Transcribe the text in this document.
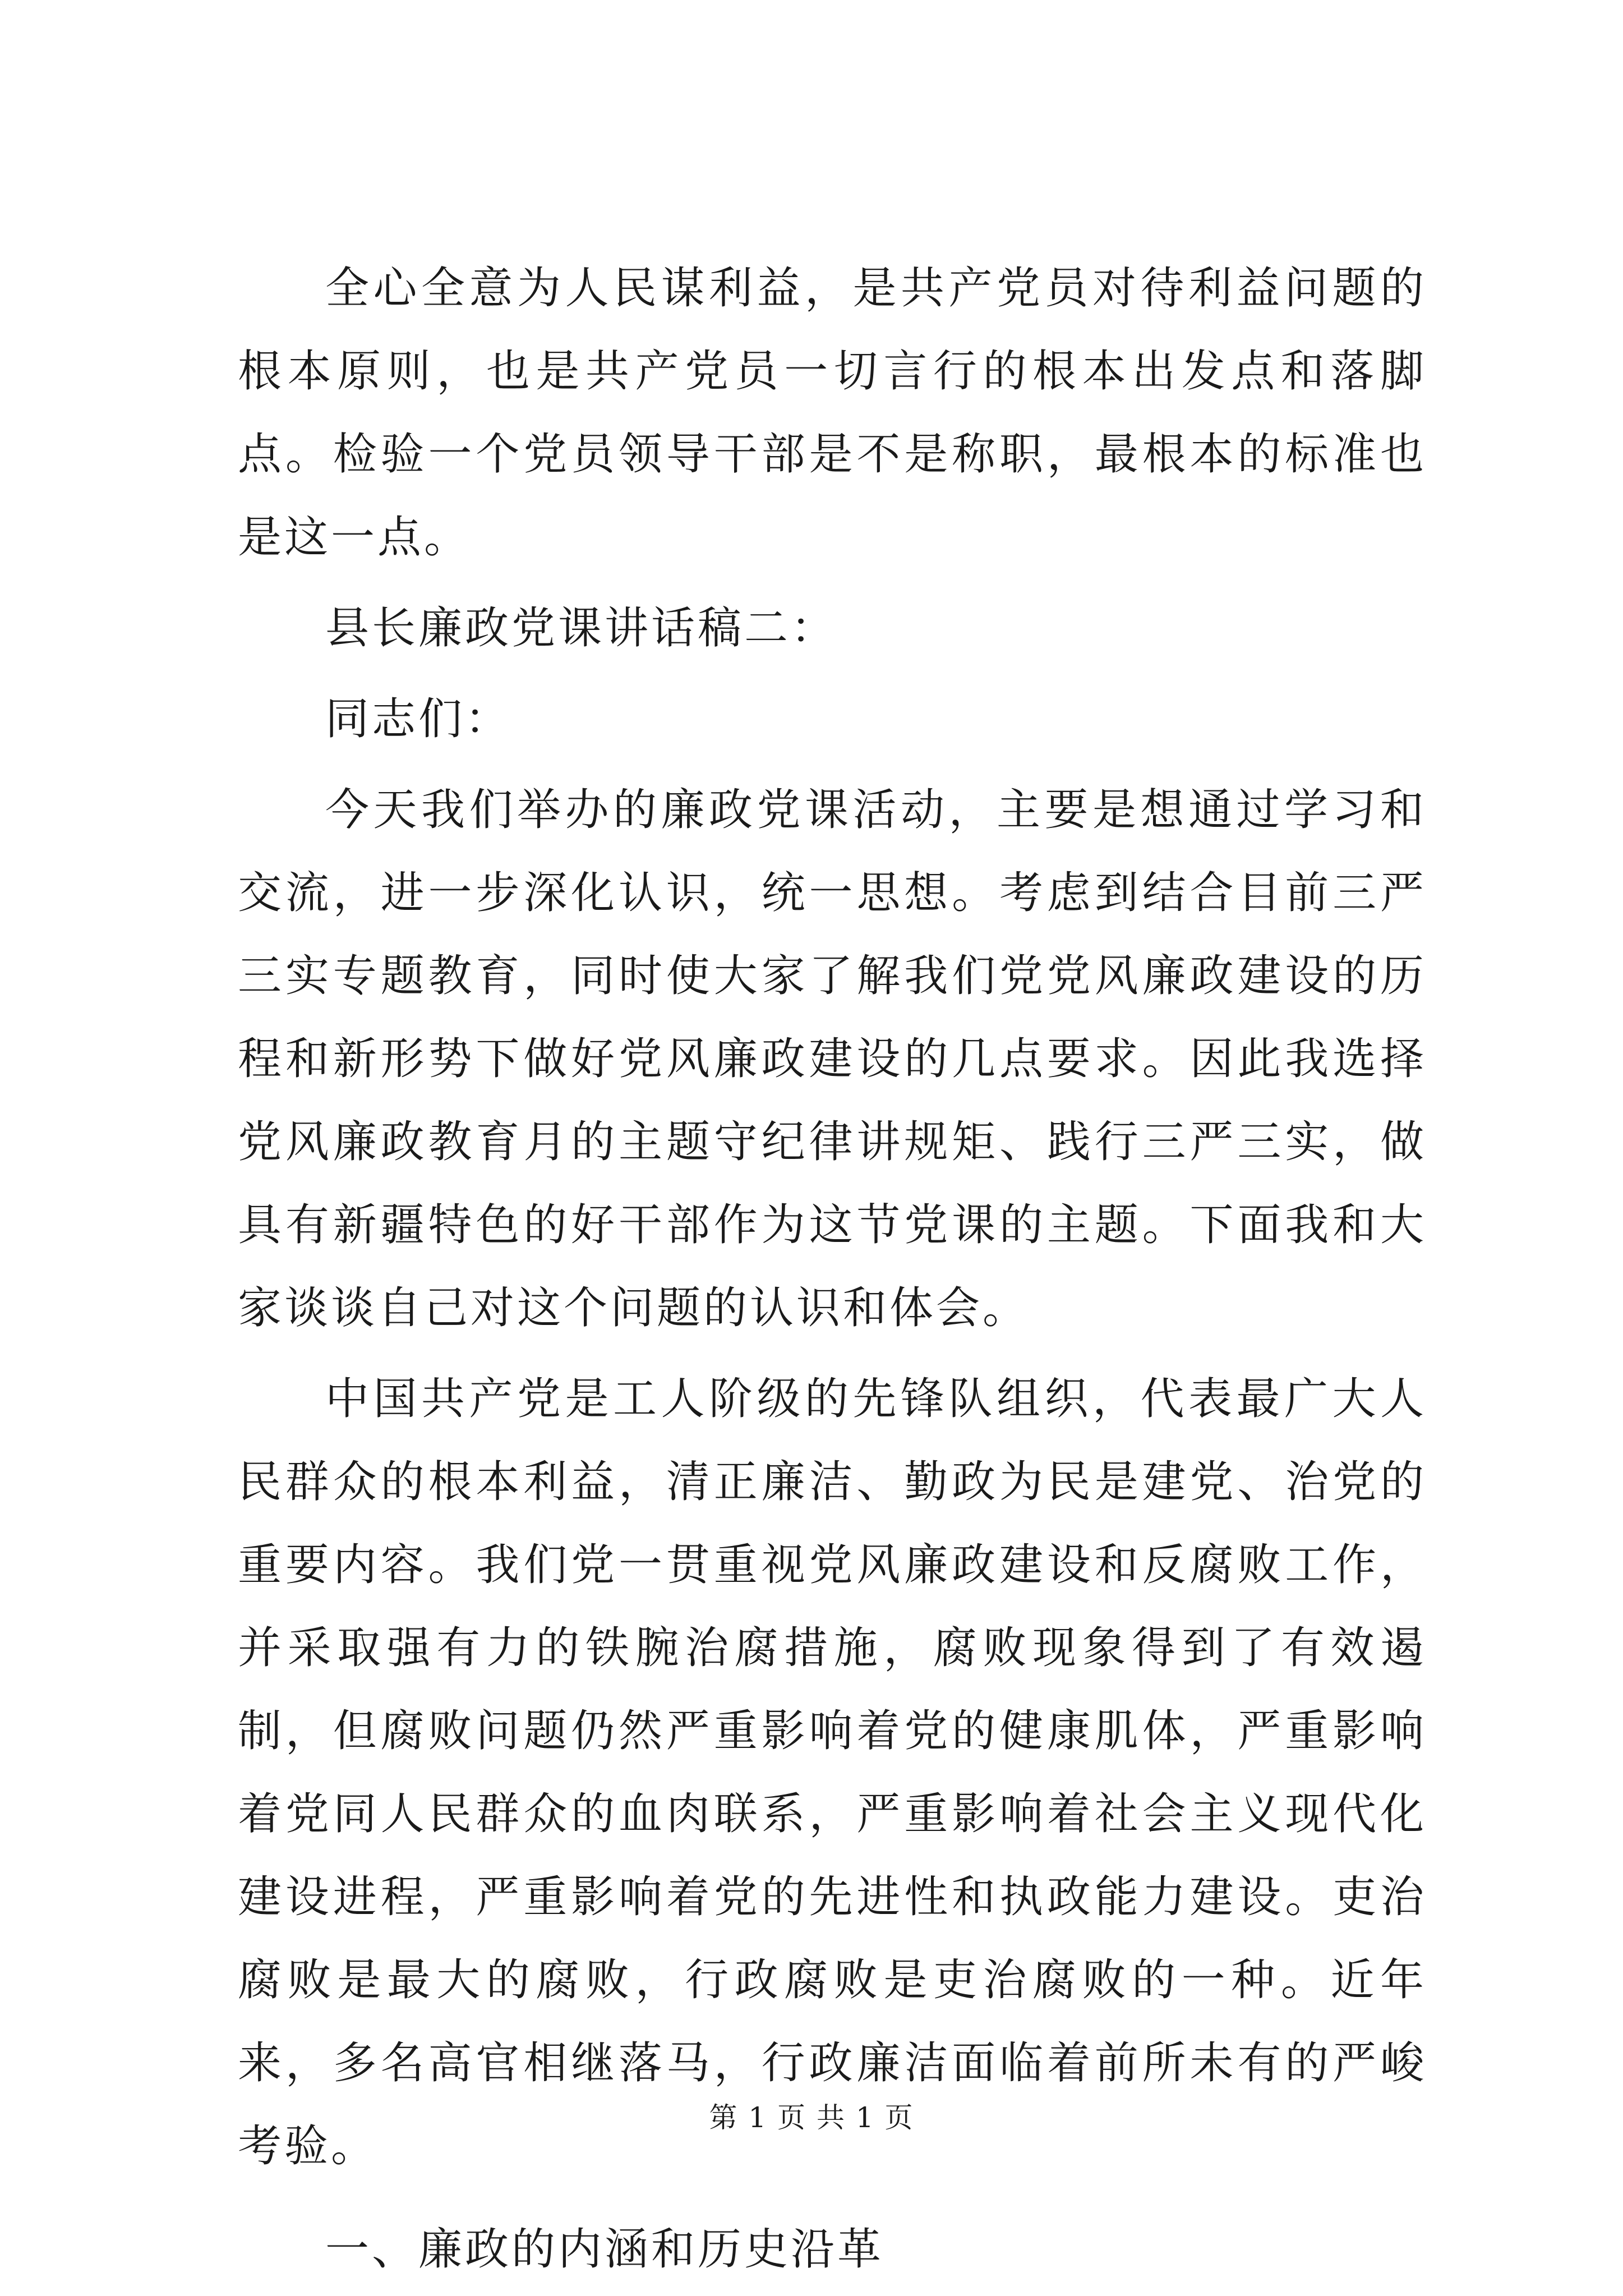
全心全意为人民谋利益，是共产党员对待利益问题的根本原则，也是共产党员一切言行的根本出发点和落脚点。检验一个党员领导干部是不是称职，最根本的标准也是这一点。

县长廉政党课讲话稿二：

同志们：

今天我们举办的廉政党课活动，主要是想通过学习和交流，进一步深化认识，统一思想。考虑到结合目前三严三实专题教育，同时使大家了解我们党党风廉政建设的历程和新形势下做好党风廉政建设的几点要求。因此我选择党风廉政教育月的主题守纪律讲规矩、践行三严三实，做具有新疆特色的好干部作为这节党课的主题。下面我和大家谈谈自己对这个问题的认识和体会。

中国共产党是工人阶级的先锋队组织，代表最广大人民群众的根本利益，清正廉洁、勤政为民是建党、治党的重要内容。我们党一贯重视党风廉政建设和反腐败工作，并采取强有力的铁腕治腐措施，腐败现象得到了有效遏制，但腐败问题仍然严重影响着党的健康肌体，严重影响着党同人民群众的血肉联系，严重影响着社会主义现代化建设进程，严重影响着党的先进性和执政能力建设。吏治腐败是最大的腐败，行政腐败是吏治腐败的一种。近年来，多名高官相继落马，行政廉洁面临着前所未有的严峻考验。

一、廉政的内涵和历史沿革

第 1 页 共 1 页
